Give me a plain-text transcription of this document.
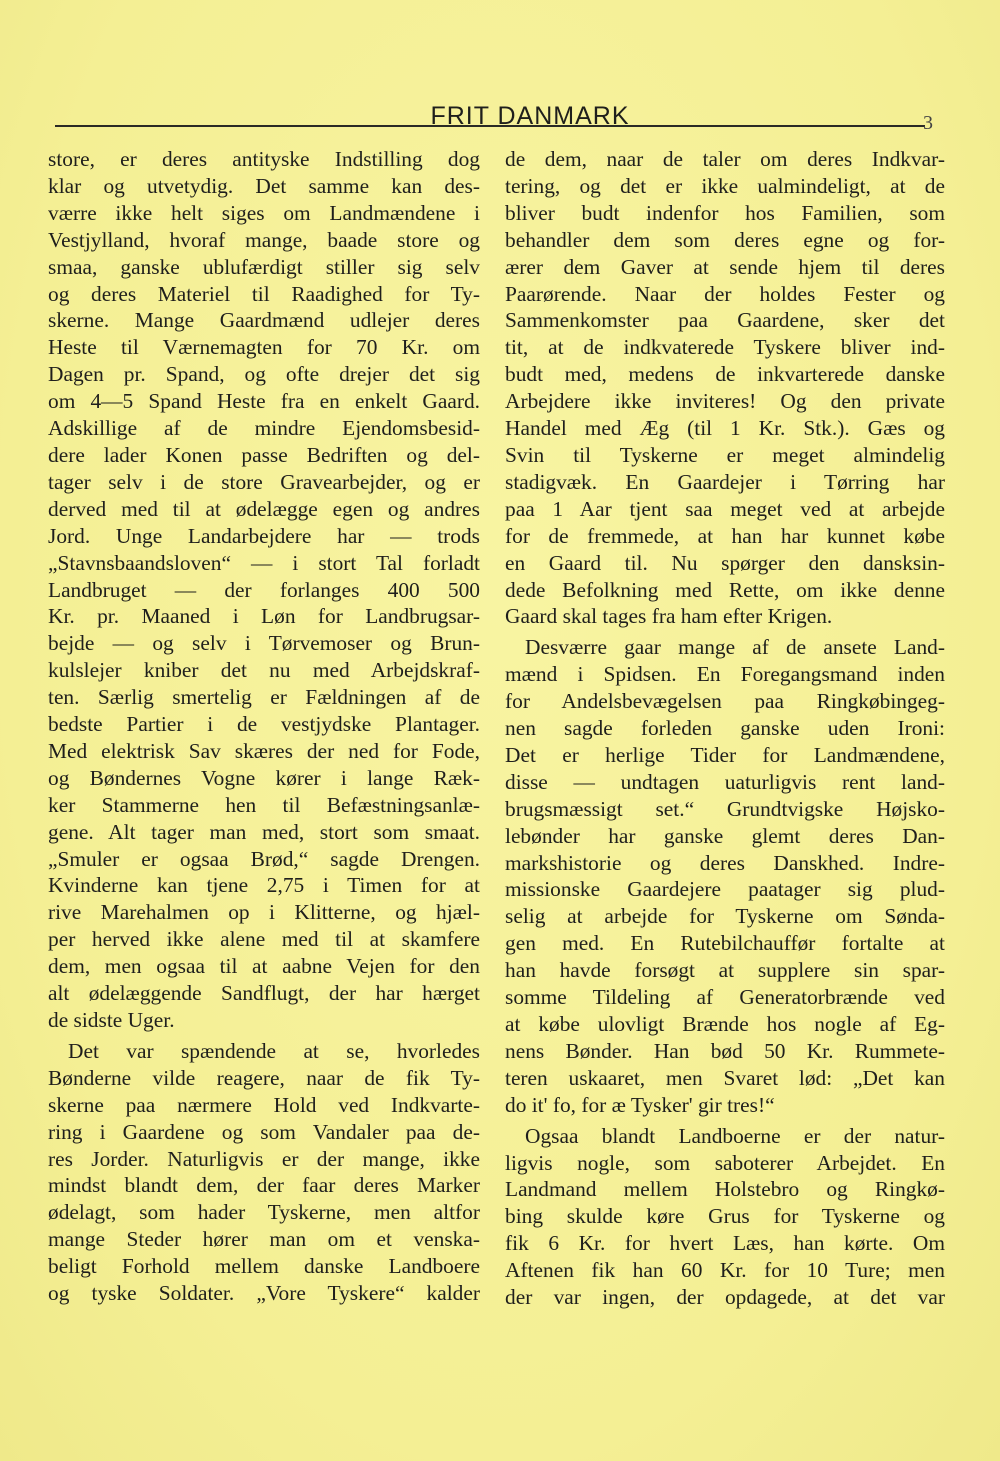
FRIT DANMARK	3
store, er deres antityske Indstilling dog
klar og utvetydig. Det samme kan des-
værre ikke helt siges om Landmændene i
Vestjylland, hvoraf mange, baade store og
smaa, ganske ublufærdigt stiller sig selv
og deres Materiel til Raadighed for Ty-
skerne. Mange Gaardmænd udlejer deres
Heste til Værnemagten for 70 Kr. om
Dagen pr. Spand, og ofte drejer det sig
om 4—5 Spand Heste fra en enkelt Gaard.
Adskillige af de mindre Ejendomsbesid-
dere lader Konen passe Bedriften og del-
tager selv i de store Gravearbejder, og er
derved med til at ødelægge egen og andres
Jord. Unge Landarbejdere har — trods
„Stavnsbaandsloven“ — i stort Tal forladt
Landbruget — der forlanges 400 500
Kr. pr. Maaned i Løn for Landbrugsar-
bejde — og selv i Tørvemoser og Brun-
kulslejer kniber det nu med Arbejdskraf-
ten. Særlig smertelig er Fældningen af de
bedste Partier i de vestjydske Plantager.
Med elektrisk Sav skæres der ned for Fode,
og Bøndernes Vogne kører i lange Ræk-
ker Stammerne hen til Befæstningsanlæ-
gene. Alt tager man med, stort som smaat.
„Smuler er ogsaa Brød,“ sagde Drengen.
Kvinderne kan tjene 2,75 i Timen for at
rive Marehalmen op i Klitterne, og hjæl-
per herved ikke alene med til at skamfere
dem, men ogsaa til at aabne Vejen for den
alt ødelæggende Sandflugt, der har hærget
de sidste Uger.
Det var spændende at se, hvorledes
Bønderne vilde reagere, naar de fik Ty-
skerne paa nærmere Hold ved Indkvarte-
ring i Gaardene og som Vandaler paa de-
res Jorder. Naturligvis er der mange, ikke
mindst blandt dem, der faar deres Marker
ødelagt, som hader Tyskerne, men altfor
mange Steder hører man om et venska-
beligt Forhold mellem danske Landboere
og tyske Soldater. „Vore Tyskere“ kalder
de dem, naar de taler om deres Indkvar-
tering, og det er ikke ualmindeligt, at de
bliver budt indenfor hos Familien, som
behandler dem som deres egne og for-
ærer dem Gaver at sende hjem til deres
Paarørende. Naar der holdes Fester og
Sammenkomster paa Gaardene, sker det
tit, at de indkvaterede Tyskere bliver ind-
budt med, medens de inkvarterede danske
Arbejdere ikke inviteres! Og den private
Handel med Æg (til 1 Kr. Stk.). Gæs og
Svin til Tyskerne er meget almindelig
stadigvæk. En Gaardejer i Tørring har
paa 1 Aar tjent saa meget ved at arbejde
for de fremmede, at han har kunnet købe
en Gaard til. Nu spørger den dansksin-
dede Befolkning med Rette, om ikke denne
Gaard skal tages fra ham efter Krigen.
Desværre gaar mange af de ansete Land-
mænd i Spidsen. En Foregangsmand inden
for Andelsbevægelsen paa Ringkøbingeg-
nen sagde forleden ganske uden Ironi:
Det er herlige Tider for Landmændene,
disse — undtagen uaturligvis rent land-
brugsmæssigt set.“ Grundtvigske Højsko-
lebønder har ganske glemt deres Dan-
markshistorie og deres Danskhed. Indre-
missionske Gaardejere paatager sig plud-
selig at arbejde for Tyskerne om Sønda-
gen med. En Rutebilchauffør fortalte at
han havde forsøgt at supplere sin spar-
somme Tildeling af Generatorbrænde ved
at købe ulovligt Brænde hos nogle af Eg-
nens Bønder. Han bød 50 Kr. Rummete-
teren uskaaret, men Svaret lød: „Det kan
do it' fo, for æ Tysker' gir tres!“
Ogsaa blandt Landboerne er der natur-
ligvis nogle, som saboterer Arbejdet. En
Landmand mellem Holstebro og Ringkø-
bing skulde køre Grus for Tyskerne og
fik 6 Kr. for hvert Læs, han kørte. Om
Aftenen fik han 60 Kr. for 10 Ture; men
der var ingen, der opdagede, at det var
